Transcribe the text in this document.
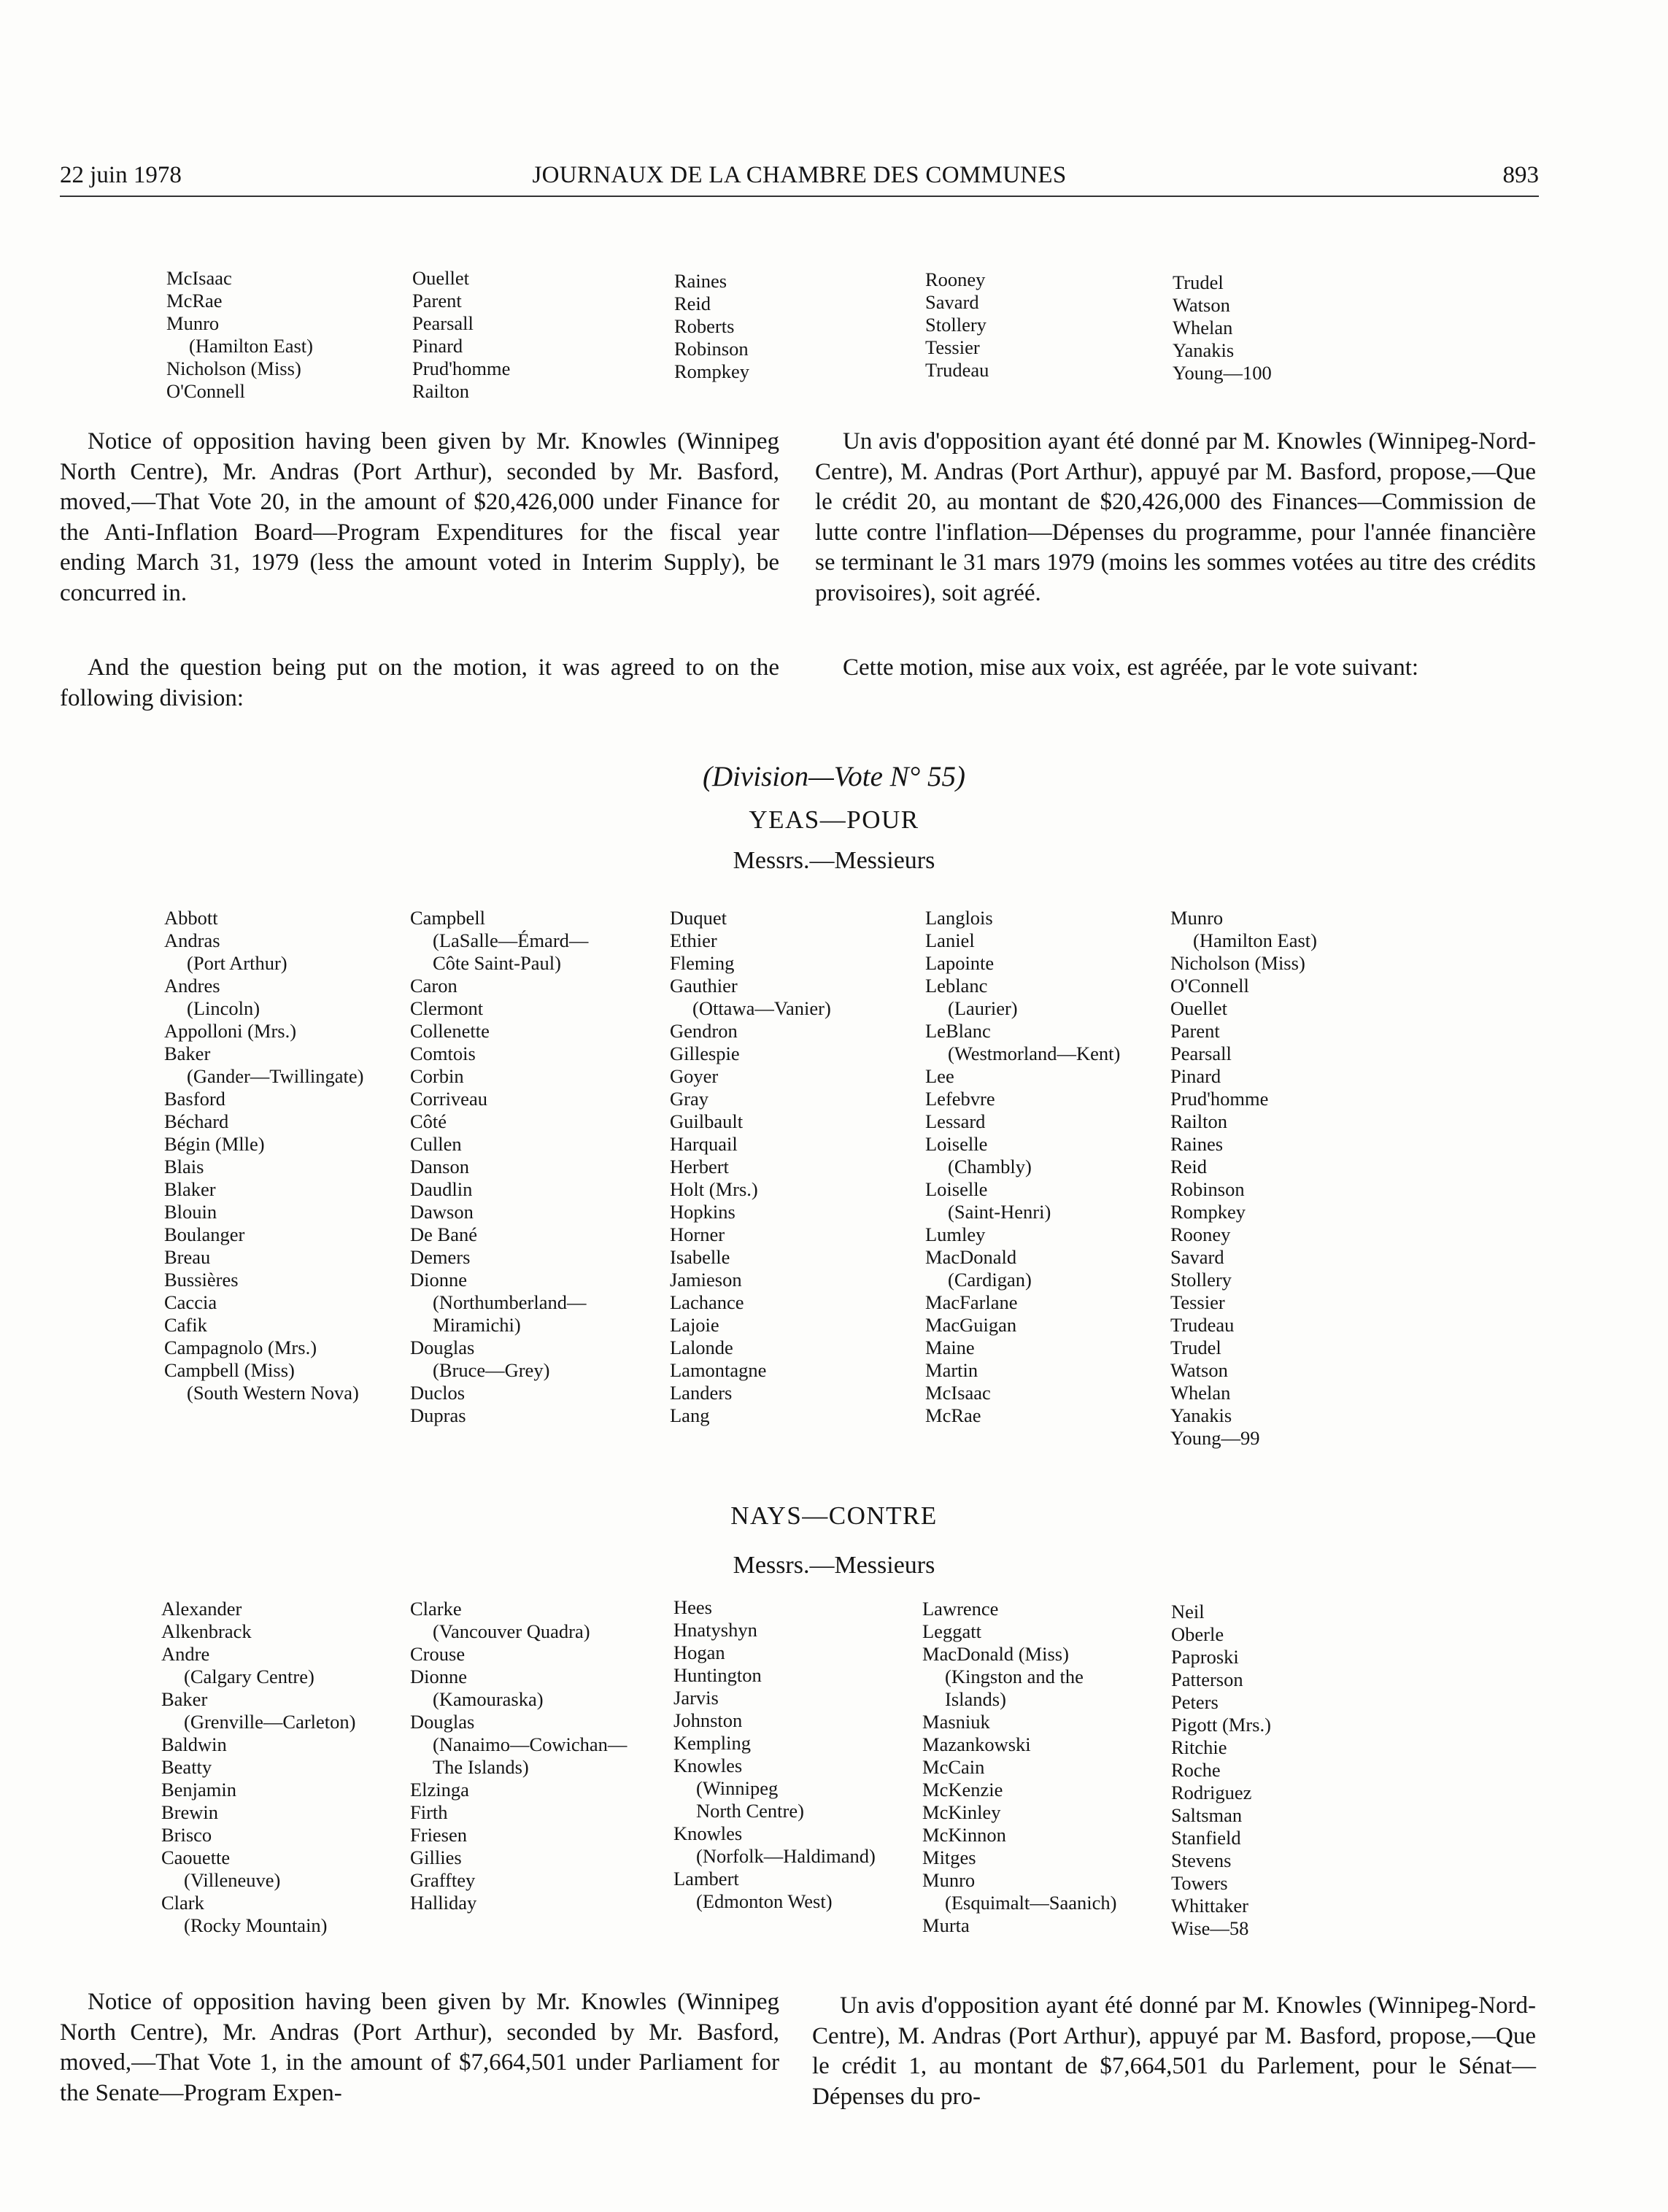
22 juin 1978	JOURNAUX DE LA CHAMBRE DES COMMUNES	893
McIsaac
McRae
Munro
(Hamilton East)
Nicholson (Miss)
O'Connell
Ouellet
Parent
Pearsall
Pinard
Prud'homme
Railton
Raines
Reid
Roberts
Robinson
Rompkey
Rooney
Savard
Stollery
Tessier
Trudeau
Trudel
Watson
Whelan
Yanakis
Young—100

Notice of opposition having been given by Mr. Knowles (Winnipeg North Centre), Mr. Andras (Port Arthur), seconded by Mr. Basford, moved,—That Vote 20, in the amount of $20,426,000 under Finance for the Anti-Inflation Board—Program Expenditures for the fiscal year ending March 31, 1979 (less the amount voted in Interim Supply), be concurred in.

Un avis d'opposition ayant été donné par M. Knowles (Winnipeg-Nord-Centre), M. Andras (Port Arthur), appuyé par M. Basford, propose,—Que le crédit 20, au montant de $20,426,000 des Finances—Commission de lutte contre l'inflation—Dépenses du programme, pour l'année financière se terminant le 31 mars 1979 (moins les sommes votées au titre des crédits provisoires), soit agréé.

And the question being put on the motion, it was agreed to on the following division:

Cette motion, mise aux voix, est agréée, par le vote suivant:

(Division—Vote N° 55)
YEAS—POUR
Messrs.—Messieurs
Abbott
Andras
(Port Arthur)
Andres
(Lincoln)
Appolloni (Mrs.)
Baker
(Gander—Twillingate)
Basford
Béchard
Bégin (Mlle)
Blais
Blaker
Blouin
Boulanger
Breau
Bussières
Caccia
Cafik
Campagnolo (Mrs.)
Campbell (Miss)
(South Western Nova)
Campbell
(LaSalle—Émard—
Côte Saint-Paul)
Caron
Clermont
Collenette
Comtois
Corbin
Corriveau
Côté
Cullen
Danson
Daudlin
Dawson
De Bané
Demers
Dionne
(Northumberland—
Miramichi)
Douglas
(Bruce—Grey)
Duclos
Dupras
Duquet
Ethier
Fleming
Gauthier
(Ottawa—Vanier)
Gendron
Gillespie
Goyer
Gray
Guilbault
Harquail
Herbert
Holt (Mrs.)
Hopkins
Horner
Isabelle
Jamieson
Lachance
Lajoie
Lalonde
Lamontagne
Landers
Lang
Langlois
Laniel
Lapointe
Leblanc
(Laurier)
LeBlanc
(Westmorland—Kent)
Lee
Lefebvre
Lessard
Loiselle
(Chambly)
Loiselle
(Saint-Henri)
Lumley
MacDonald
(Cardigan)
MacFarlane
MacGuigan
Maine
Martin
McIsaac
McRae
Munro
(Hamilton East)
Nicholson (Miss)
O'Connell
Ouellet
Parent
Pearsall
Pinard
Prud'homme
Railton
Raines
Reid
Robinson
Rompkey
Rooney
Savard
Stollery
Tessier
Trudeau
Trudel
Watson
Whelan
Yanakis
Young—99
NAYS—CONTRE
Messrs.—Messieurs
Alexander
Alkenbrack
Andre
(Calgary Centre)
Baker
(Grenville—Carleton)
Baldwin
Beatty
Benjamin
Brewin
Brisco
Caouette
(Villeneuve)
Clark
(Rocky Mountain)
Clarke
(Vancouver Quadra)
Crouse
Dionne
(Kamouraska)
Douglas
(Nanaimo—Cowichan—
The Islands)
Elzinga
Firth
Friesen
Gillies
Grafftey
Halliday
Hees
Hnatyshyn
Hogan
Huntington
Jarvis
Johnston
Kempling
Knowles
(Winnipeg
North Centre)
Knowles
(Norfolk—Haldimand)
Lambert
(Edmonton West)
Lawrence
Leggatt
MacDonald (Miss)
(Kingston and the
Islands)
Masniuk
Mazankowski
McCain
McKenzie
McKinley
McKinnon
Mitges
Munro
(Esquimalt—Saanich)
Murta
Neil
Oberle
Paproski
Patterson
Peters
Pigott (Mrs.)
Ritchie
Roche
Rodriguez
Saltsman
Stanfield
Stevens
Towers
Whittaker
Wise—58

Notice of opposition having been given by Mr. Knowles (Winnipeg North Centre), Mr. Andras (Port Arthur), seconded by Mr. Basford, moved,—That Vote 1, in the amount of $7,664,501 under Parliament for the Senate—Program Expen-

Un avis d'opposition ayant été donné par M. Knowles (Winnipeg-Nord-Centre), M. Andras (Port Arthur), appuyé par M. Basford, propose,—Que le crédit 1, au montant de $7,664,501 du Parlement, pour le Sénat—Dépenses du pro-
